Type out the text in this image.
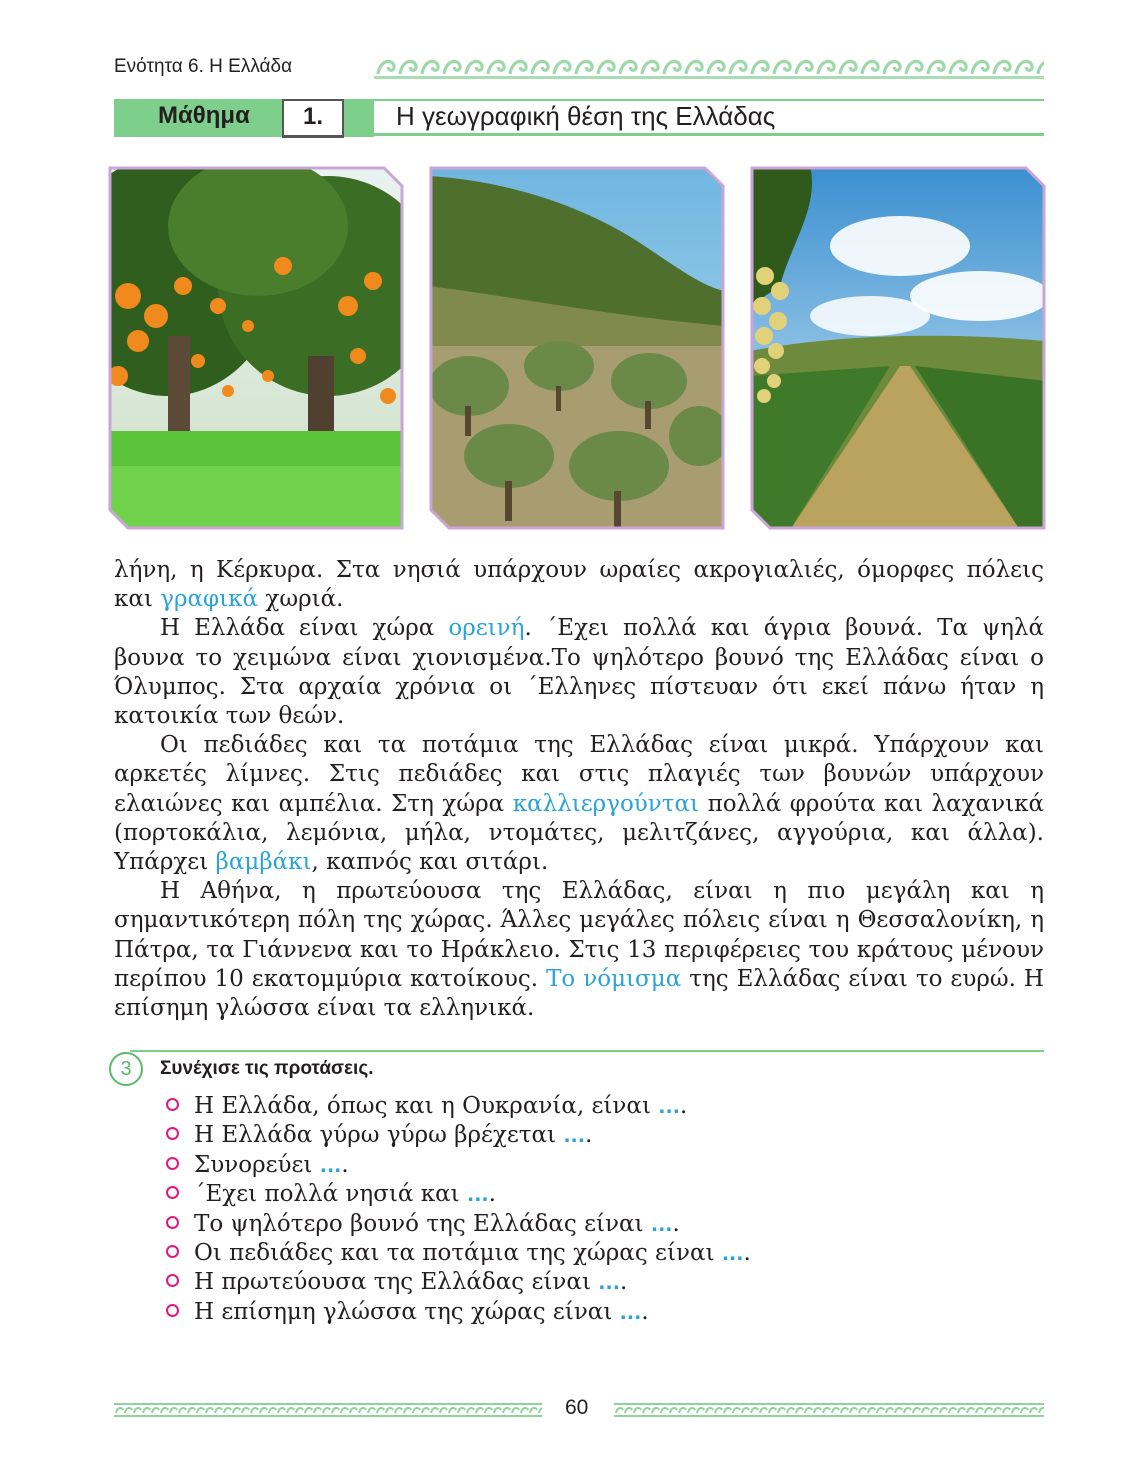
Ενότητα 6. Η Ελλάδα
Μάθημα 1.	Η γεωγραφική θέση της Ελλάδας

λήνη, η Κέρκυρα. Στα νησιά υπάρχουν ωραίες ακρογιαλιές, όμορφες πόλεις και γραφικά χωριά.

Η Ελλάδα είναι χώρα ορεινή. ΄Εχει πολλά και άγρια βουνά. Τα ψηλά βουνα το χειμώνα είναι χιονισμένα.Το ψηλότερο βουνό της Ελλάδας είναι ο Όλυμπος. Στα αρχαία χρόνια οι ΄Ελληνες πίστευαν ότι εκεί πάνω ήταν η κατοικία των θεών.

Οι πεδιάδες και τα ποτάμια της Ελλάδας είναι μικρά. Υπάρχουν και αρκετές λίμνες. Στις πεδιάδες και στις πλαγιές των βουνών υπάρχουν ελαιώνες και αμπέλια. Στη χώρα καλλιεργούνται πολλά φρούτα και λαχανικά (πορτοκάλια, λεμόνια, μήλα, ντομάτες, μελιτζάνες, αγγούρια, και άλλα). Υπάρχει βαμβάκι, καπνός και σιτάρι.

Η Αθήνα, η πρωτεύουσα της Ελλάδας, είναι η πιο μεγάλη και η σημαντικότερη πόλη της χώρας. Άλλες μεγάλες πόλεις είναι η Θεσσαλονίκη, η Πάτρα, τα Γιάννενα και το Ηράκλειο. Στις 13 περιφέρειες του κράτους μένουν περίπου 10 εκατομμύρια κατοίκους. Το νόμισμα της Ελλάδας είναι το ευρώ. Η επίσημη γλώσσα είναι τα ελληνικά.

3	Συνέχισε τις προτάσεις.
Η Ελλάδα, όπως και η Ουκρανία, είναι ....
Η Ελλάδα γύρω γύρω βρέχεται ....
Συνορεύει ....
΄Εχει πολλά νησιά και ....
Το ψηλότερο βουνό της Ελλάδας είναι ....
Οι πεδιάδες και τα ποτάμια της χώρας είναι ....
Η πρωτεύουσα της Ελλάδας είναι ....
Η επίσημη γλώσσα της χώρας είναι ....
60
